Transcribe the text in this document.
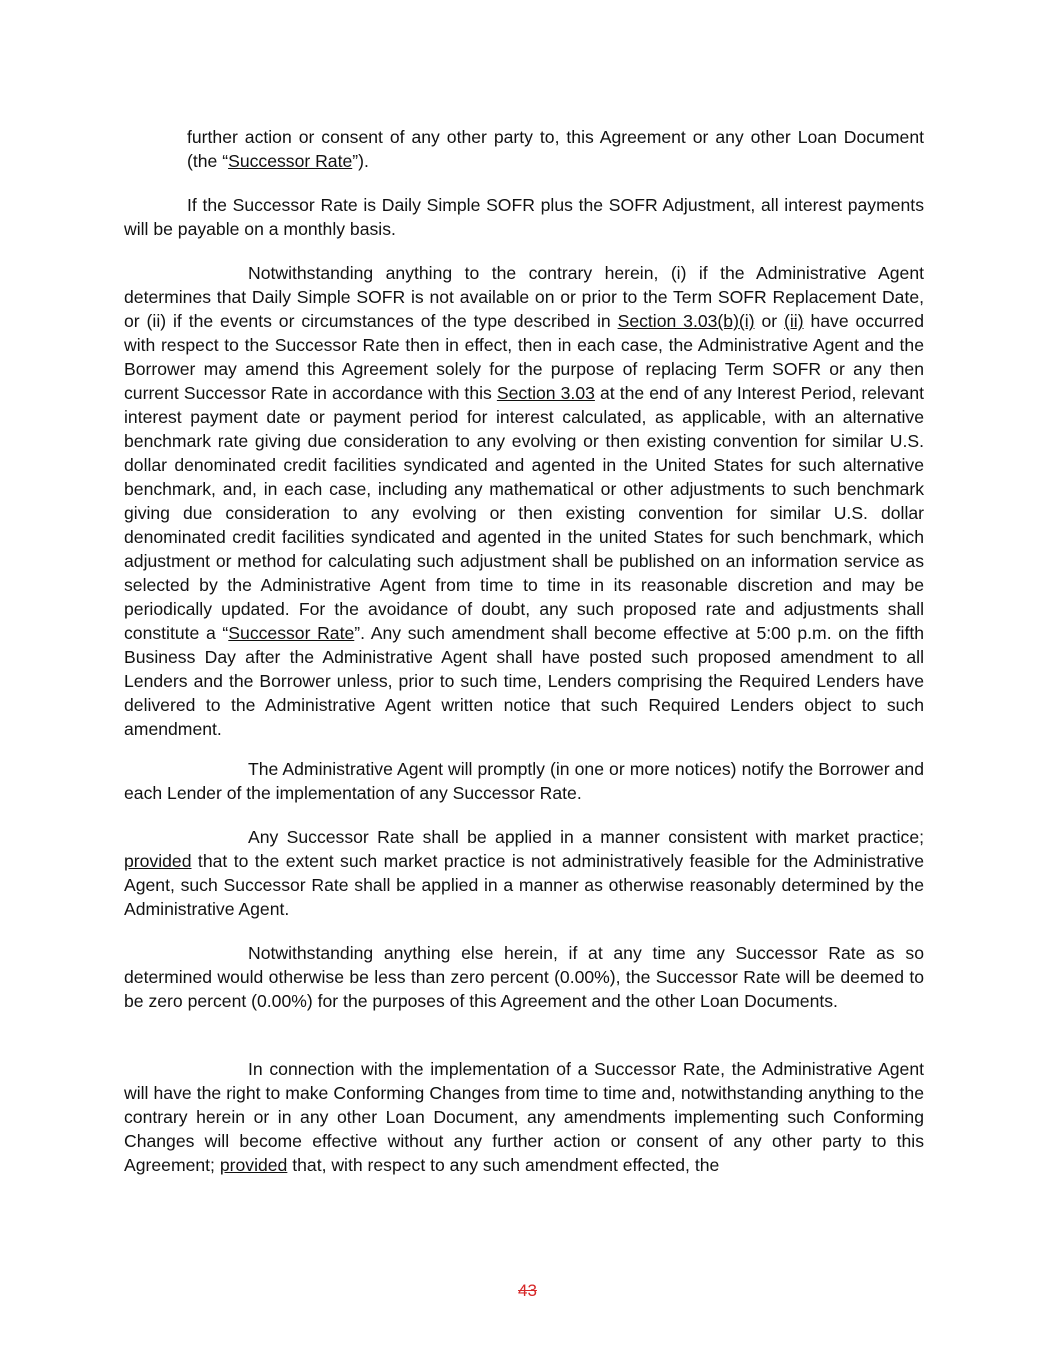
further action or consent of any other party to, this Agreement or any other Loan Document (the “Successor Rate”).

If the Successor Rate is Daily Simple SOFR plus the SOFR Adjustment, all interest payments will be payable on a monthly basis.

Notwithstanding anything to the contrary herein, (i) if the Administrative Agent determines that Daily Simple SOFR is not available on or prior to the Term SOFR Replacement Date, or (ii) if the events or circumstances of the type described in Section 3.03(b)(i) or (ii) have occurred with respect to the Successor Rate then in effect, then in each case, the Administrative Agent and the Borrower may amend this Agreement solely for the purpose of replacing Term SOFR or any then current Successor Rate in accordance with this Section 3.03 at the end of any Interest Period, relevant interest payment date or payment period for interest calculated, as applicable, with an alternative benchmark rate giving due consideration to any evolving or then existing convention for similar U.S. dollar denominated credit facilities syndicated and agented in the United States for such alternative benchmark, and, in each case, including any mathematical or other adjustments to such benchmark giving due consideration to any evolving or then existing convention for similar U.S. dollar denominated credit facilities syndicated and agented in the united States for such benchmark, which adjustment or method for calculating such adjustment shall be published on an information service as selected by the Administrative Agent from time to time in its reasonable discretion and may be periodically updated. For the avoidance of doubt, any such proposed rate and adjustments shall constitute a “Successor Rate”. Any such amendment shall become effective at 5:00 p.m. on the fifth Business Day after the Administrative Agent shall have posted such proposed amendment to all Lenders and the Borrower unless, prior to such time, Lenders comprising the Required Lenders have delivered to the Administrative Agent written notice that such Required Lenders object to such amendment.

The Administrative Agent will promptly (in one or more notices) notify the Borrower and each Lender of the implementation of any Successor Rate.

Any Successor Rate shall be applied in a manner consistent with market practice; provided that to the extent such market practice is not administratively feasible for the Administrative Agent, such Successor Rate shall be applied in a manner as otherwise reasonably determined by the Administrative Agent.

Notwithstanding anything else herein, if at any time any Successor Rate as so determined would otherwise be less than zero percent (0.00%), the Successor Rate will be deemed to be zero percent (0.00%) for the purposes of this Agreement and the other Loan Documents.

In connection with the implementation of a Successor Rate, the Administrative Agent will have the right to make Conforming Changes from time to time and, notwithstanding anything to the contrary herein or in any other Loan Document, any amendments implementing such Conforming Changes will become effective without any further action or consent of any other party to this Agreement; provided that, with respect to any such amendment effected, the

43
